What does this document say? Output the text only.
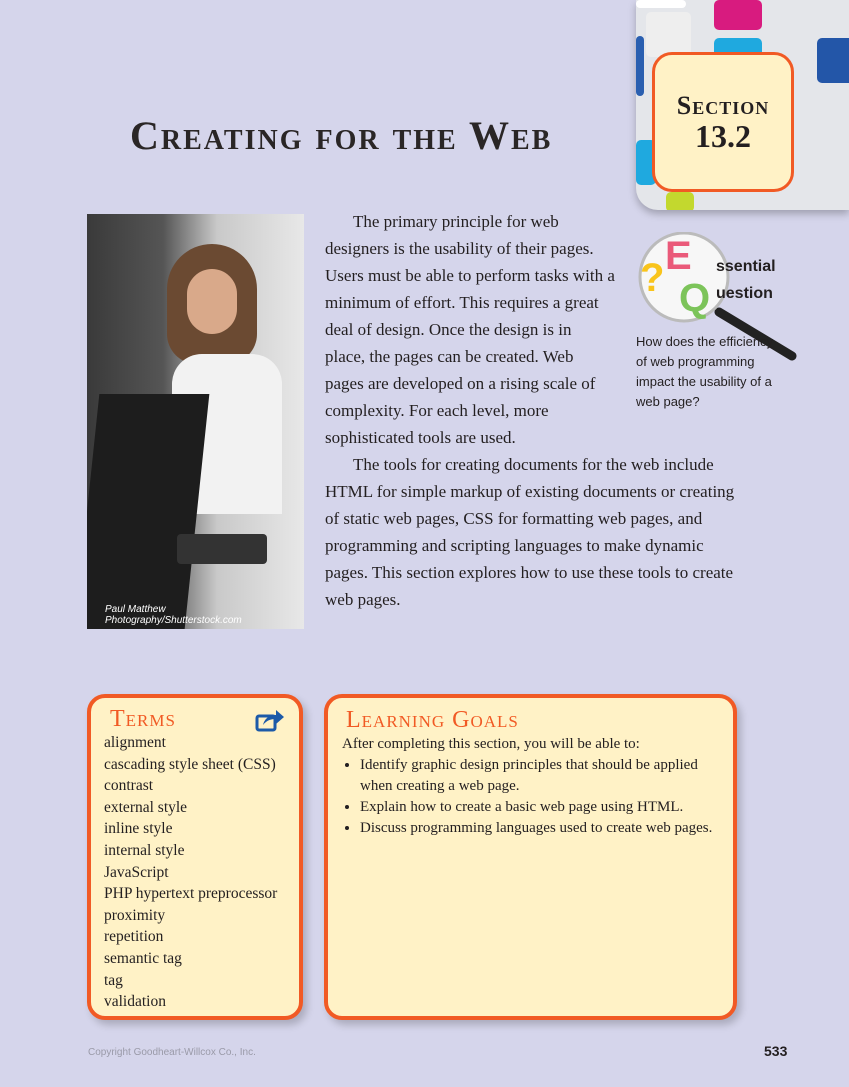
Section
13.2
Creating for the Web
Paul Matthew Photography/Shutterstock.com

The primary principle for web designers is the usability of their pages. Users must be able to perform tasks with a minimum of effort. This requires a great deal of design. Once the design is in place, the pages can be created. Web pages are developed on a rising scale of complexity. For each level, more sophisticated tools are used.

The tools for creating documents for the web include HTML for simple markup of existing documents or creating of static web pages, CSS for formatting web pages, and programming and scripting languages to make dynamic pages. This section explores how to use these tools to create web pages.

? E
Q
ssential
uestion

How does the efficiency of web programming impact the usability of a web page?

Terms
alignment
cascading style sheet (CSS)
contrast
external style
inline style
internal style
JavaScript
PHP hypertext preprocessor
proximity
repetition
semantic tag
tag
validation
Learning Goals

After completing this section, you will be able to:

• Identify graphic design principles that should be applied when creating a web page.
• Explain how to create a basic web page using HTML.
• Discuss programming languages used to create web pages.
Copyright Goodheart-Willcox Co., Inc.	533
